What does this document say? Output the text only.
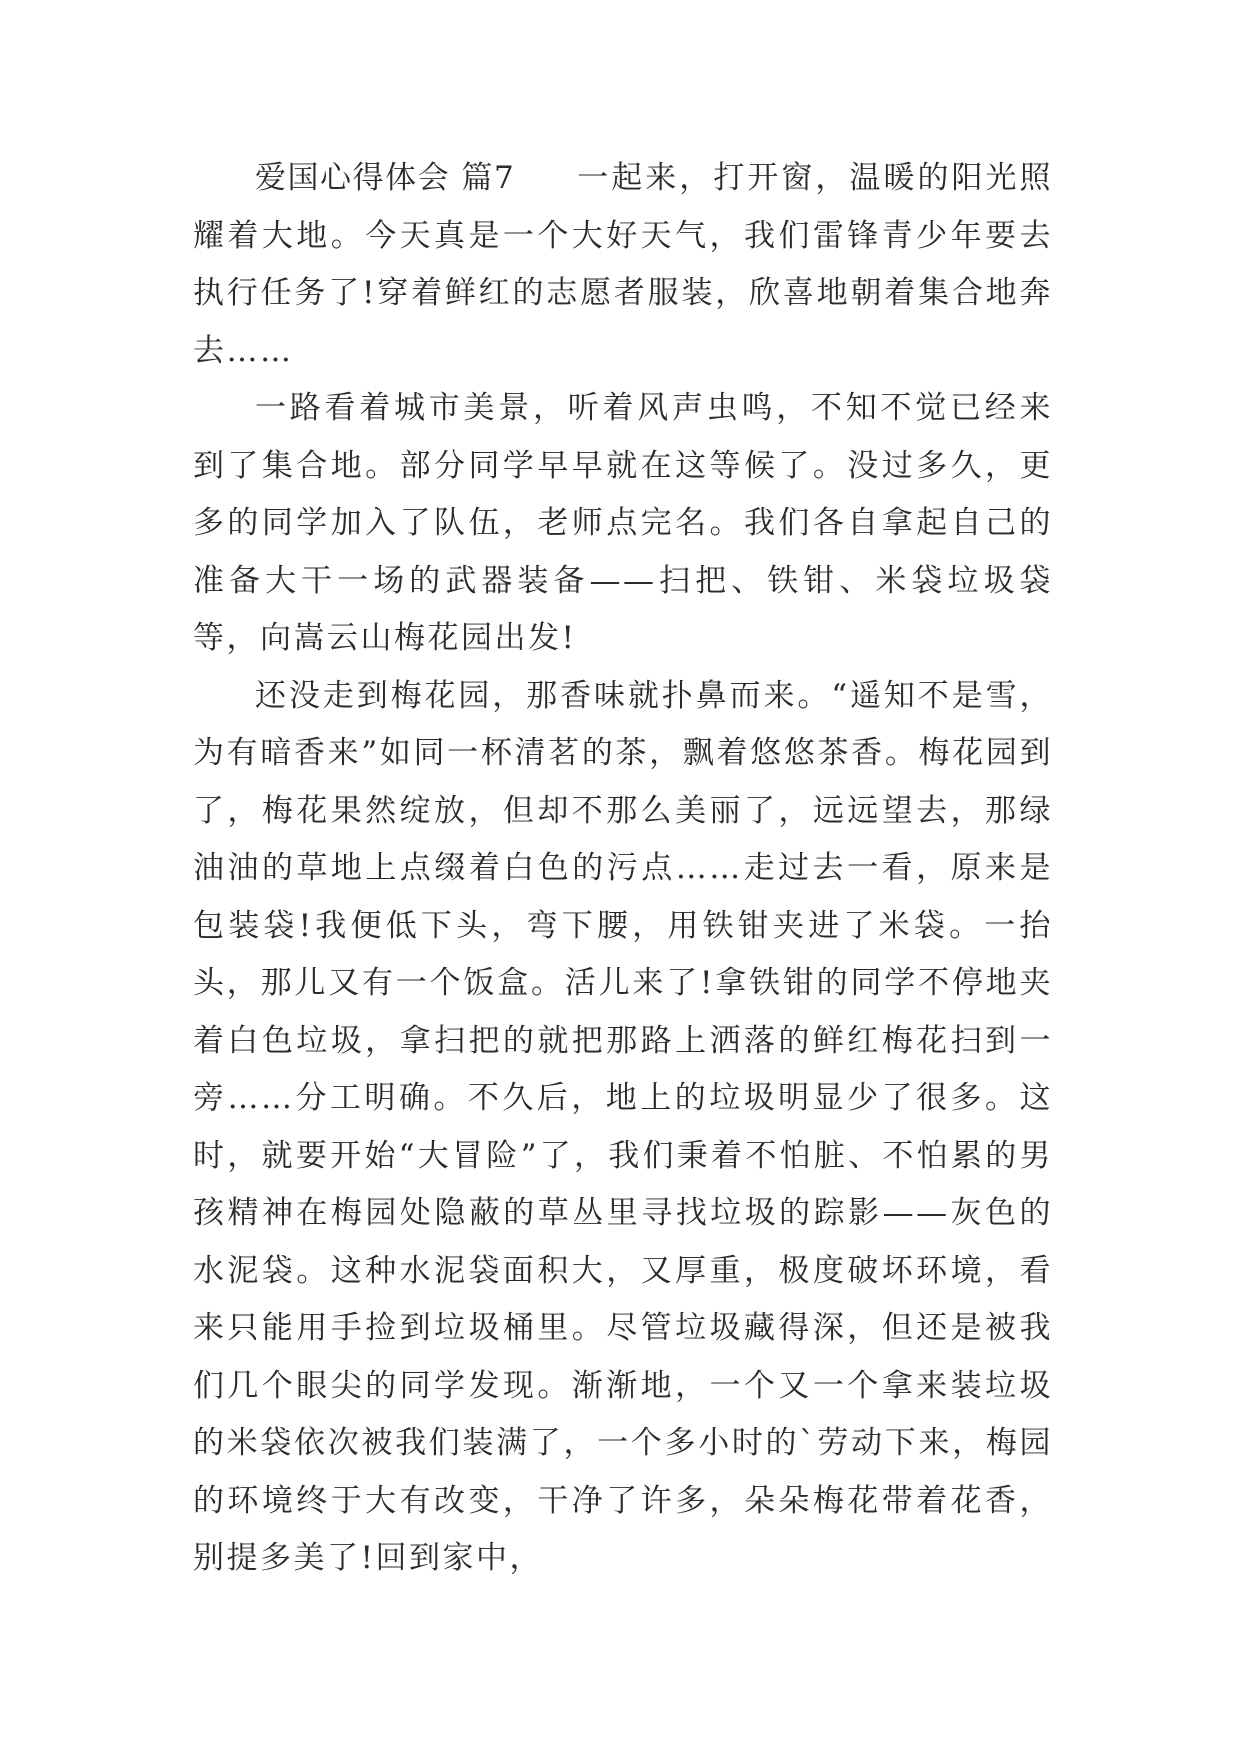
爱国心得体会 篇7 一起来，打开窗，温暖的阳光照耀着大地。今天真是一个大好天气，我们雷锋青少年要去执行任务了!穿着鲜红的志愿者服装，欣喜地朝着集合地奔去……

一路看着城市美景，听着风声虫鸣，不知不觉已经来到了集合地。部分同学早早就在这等候了。没过多久，更多的同学加入了队伍，老师点完名。我们各自拿起自己的准备大干一场的武器装备——扫把、铁钳、米袋垃圾袋等，向嵩云山梅花园出发!

还没走到梅花园，那香味就扑鼻而来。“遥知不是雪，为有暗香来”如同一杯清茗的茶，飘着悠悠茶香。梅花园到了，梅花果然绽放，但却不那么美丽了，远远望去，那绿油油的草地上点缀着白色的污点……走过去一看，原来是包装袋!我便低下头，弯下腰，用铁钳夹进了米袋。一抬头，那儿又有一个饭盒。活儿来了!拿铁钳的同学不停地夹着白色垃圾，拿扫把的就把那路上洒落的鲜红梅花扫到一旁……分工明确。不久后，地上的垃圾明显少了很多。这时，就要开始“大冒险”了，我们秉着不怕脏、不怕累的男孩精神在梅园处隐蔽的草丛里寻找垃圾的踪影——灰色的水泥袋。这种水泥袋面积大，又厚重，极度破坏环境，看来只能用手捡到垃圾桶里。尽管垃圾藏得深，但还是被我们几个眼尖的同学发现。渐渐地，一个又一个拿来装垃圾的米袋依次被我们装满了，一个多小时的`劳动下来，梅园的环境终于大有改变，干净了许多，朵朵梅花带着花香，别提多美了!回到家中，
